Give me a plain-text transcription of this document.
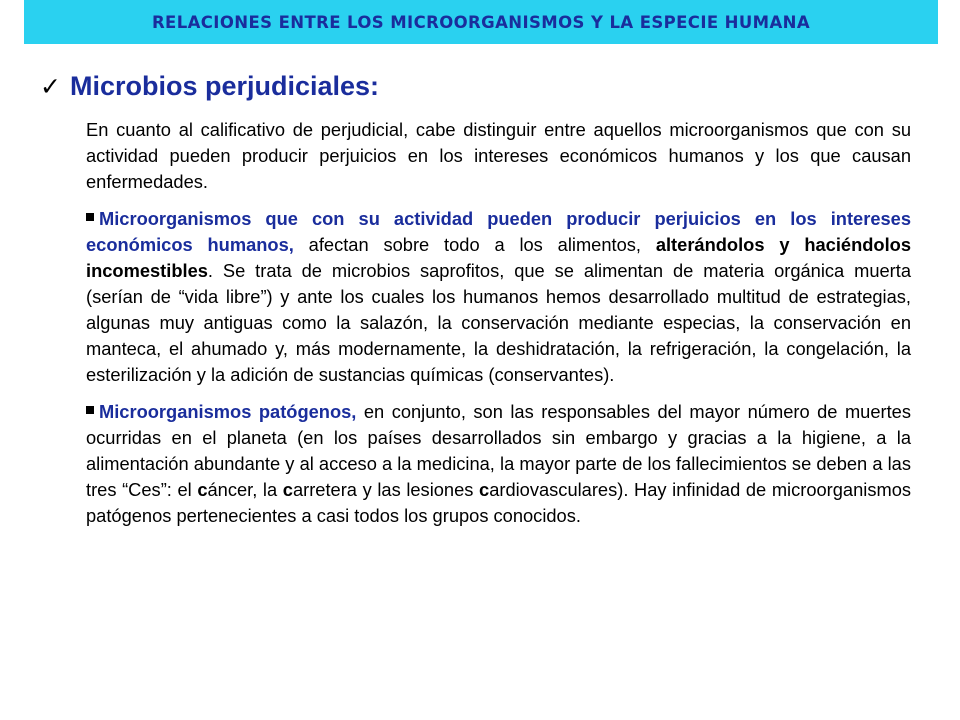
RELACIONES ENTRE LOS MICROORGANISMOS Y LA ESPECIE HUMANA
✓ Microbios perjudiciales:

En cuanto al calificativo de perjudicial, cabe distinguir entre aquellos microorganismos que con su actividad pueden producir perjuicios en los intereses económicos humanos y los que causan enfermedades.

Microorganismos que con su actividad pueden producir perjuicios en los intereses económicos humanos, afectan sobre todo a los alimentos, alterándolos y haciéndolos incomestibles. Se trata de microbios saprofitos, que se alimentan de materia orgánica muerta (serían de “vida libre”) y ante los cuales los humanos hemos desarrollado multitud de estrategias, algunas muy antiguas como la salazón, la conservación mediante especias, la conservación en manteca, el ahumado y, más modernamente, la deshidratación, la refrigeración, la congelación, la esterilización y la adición de sustancias químicas (conservantes).

Microorganismos patógenos, en conjunto, son las responsables del mayor número de muertes ocurridas en el planeta (en los países desarrollados sin embargo y gracias a la higiene, a la alimentación abundante y al acceso a la medicina, la mayor parte de los fallecimientos se deben a las tres “Ces”: el cáncer, la carretera y las lesiones cardiovasculares). Hay infinidad de microorganismos patógenos pertenecientes a casi todos los grupos conocidos.
